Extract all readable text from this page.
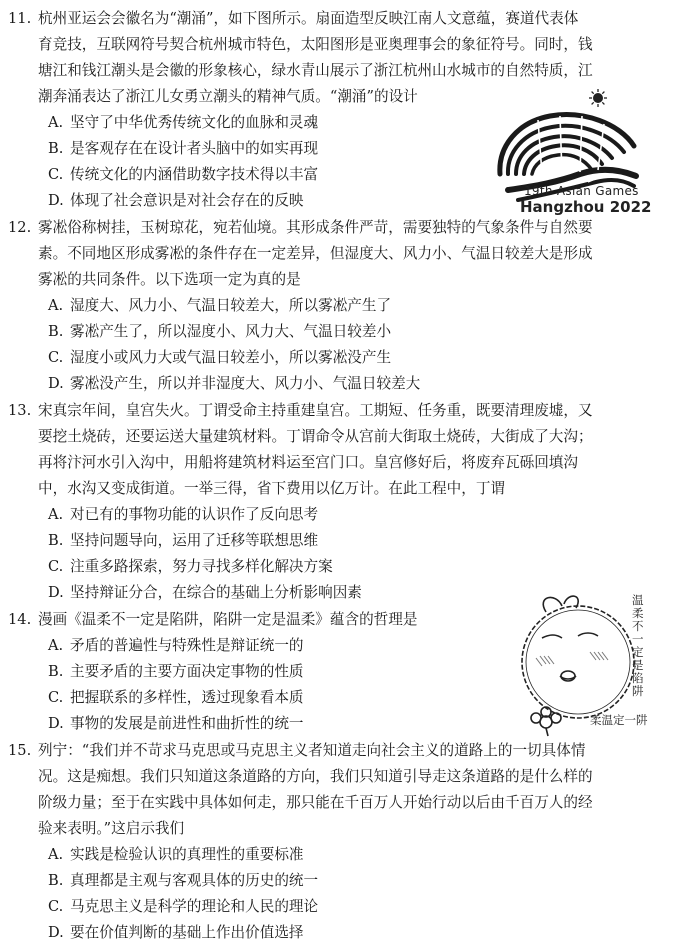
11. 杭州亚运会会徽名为“潮涌”，如下图所示。扇面造型反映江南人文意蕴，赛道代表体
育竞技，互联网符号契合杭州城市特色，太阳图形是亚奥理事会的象征符号。同时，钱
塘江和钱江潮头是会徽的形象核心，绿水青山展示了浙江杭州山水城市的自然特质，江
潮奔涌表达了浙江儿女勇立潮头的精神气质。“潮涌”的设计
A. 坚守了中华优秀传统文化的血脉和灵魂
B. 是客观存在在设计者头脑中的如实再现
C. 传统文化的内涵借助数字技术得以丰富
D. 体现了社会意识是对社会存在的反映
19th Asian Games
Hangzhou 2022
12. 雾凇俗称树挂，玉树琼花，宛若仙境。其形成条件严苛，需要独特的气象条件与自然要
素。不同地区形成雾凇的条件存在一定差异，但湿度大、风力小、气温日较差大是形成
雾凇的共同条件。以下选项一定为真的是
A. 湿度大、风力小、气温日较差大，所以雾凇产生了
B. 雾凇产生了，所以湿度小、风力大、气温日较差小
C. 湿度小或风力大或气温日较差小，所以雾凇没产生
D. 雾凇没产生，所以并非湿度大、风力小、气温日较差大
13. 宋真宗年间，皇宫失火。丁谓受命主持重建皇宫。工期短、任务重，既要清理废墟，又
要挖土烧砖，还要运送大量建筑材料。丁谓命令从宫前大街取土烧砖，大街成了大沟；
再将汴河水引入沟中，用船将建筑材料运至宫门口。皇宫修好后，将废弃瓦砾回填沟
中，水沟又变成街道。一举三得，省下费用以亿万计。在此工程中，丁谓
A. 对已有的事物功能的认识作了反向思考
B. 坚持问题导向，运用了迁移等联想思维
C. 注重多路探索，努力寻找多样化解决方案
D. 坚持辩证分合，在综合的基础上分析影响因素
14. 漫画《温柔不一定是陷阱，陷阱一定是温柔》蕴含的哲理是
A. 矛盾的普遍性与特殊性是辩证统一的
B. 主要矛盾的主要方面决定事物的性质
C. 把握联系的多样性，透过现象看本质
D. 事物的发展是前进性和曲折性的统一
温柔不一定是陷阱
柔温定一阱
15. 列宁：“我们并不苛求马克思或马克思主义者知道走向社会主义的道路上的一切具体情
况。这是痴想。我们只知道这条道路的方向，我们只知道引导走这条道路的是什么样的
阶级力量；至于在实践中具体如何走，那只能在千百万人开始行动以后由千百万人的经
验来表明。”这启示我们
A. 实践是检验认识的真理性的重要标准
B. 真理都是主观与客观具体的历史的统一
C. 马克思主义是科学的理论和人民的理论
D. 要在价值判断的基础上作出价值选择
